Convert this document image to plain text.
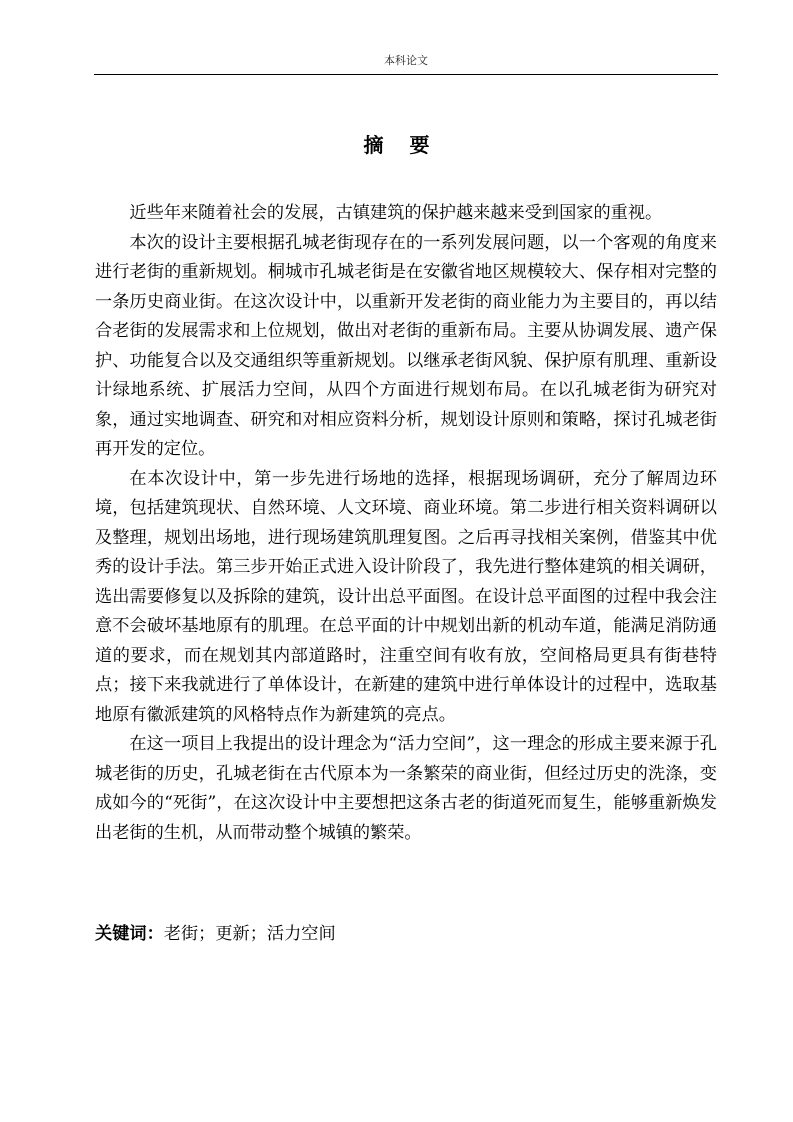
本科论文
摘要

近些年来随着社会的发展，古镇建筑的保护越来越来受到国家的重视。

本次的设计主要根据孔城老街现存在的一系列发展问题，以一个客观的角度来进行老街的重新规划。桐城市孔城老街是在安徽省地区规模较大、保存相对完整的一条历史商业街。在这次设计中，以重新开发老街的商业能力为主要目的，再以结合老街的发展需求和上位规划，做出对老街的重新布局。主要从协调发展、遗产保护、功能复合以及交通组织等重新规划。以继承老街风貌、保护原有肌理、重新设计绿地系统、扩展活力空间，从四个方面进行规划布局。在以孔城老街为研究对象，通过实地调查、研究和对相应资料分析，规划设计原则和策略，探讨孔城老街再开发的定位。

在本次设计中，第一步先进行场地的选择，根据现场调研，充分了解周边环境，包括建筑现状、自然环境、人文环境、商业环境。第二步进行相关资料调研以及整理，规划出场地，进行现场建筑肌理复图。之后再寻找相关案例，借鉴其中优秀的设计手法。第三步开始正式进入设计阶段了，我先进行整体建筑的相关调研，选出需要修复以及拆除的建筑，设计出总平面图。在设计总平面图的过程中我会注意不会破坏基地原有的肌理。在总平面的计中规划出新的机动车道，能满足消防通道的要求，而在规划其内部道路时，注重空间有收有放，空间格局更具有街巷特点；接下来我就进行了单体设计，在新建的建筑中进行单体设计的过程中，选取基地原有徽派建筑的风格特点作为新建筑的亮点。

在这一项目上我提出的设计理念为“活力空间”，这一理念的形成主要来源于孔城老街的历史，孔城老街在古代原本为一条繁荣的商业街，但经过历史的洗涤，变成如今的“死街”，在这次设计中主要想把这条古老的街道死而复生，能够重新焕发出老街的生机，从而带动整个城镇的繁荣。

关键词：老街；更新；活力空间
